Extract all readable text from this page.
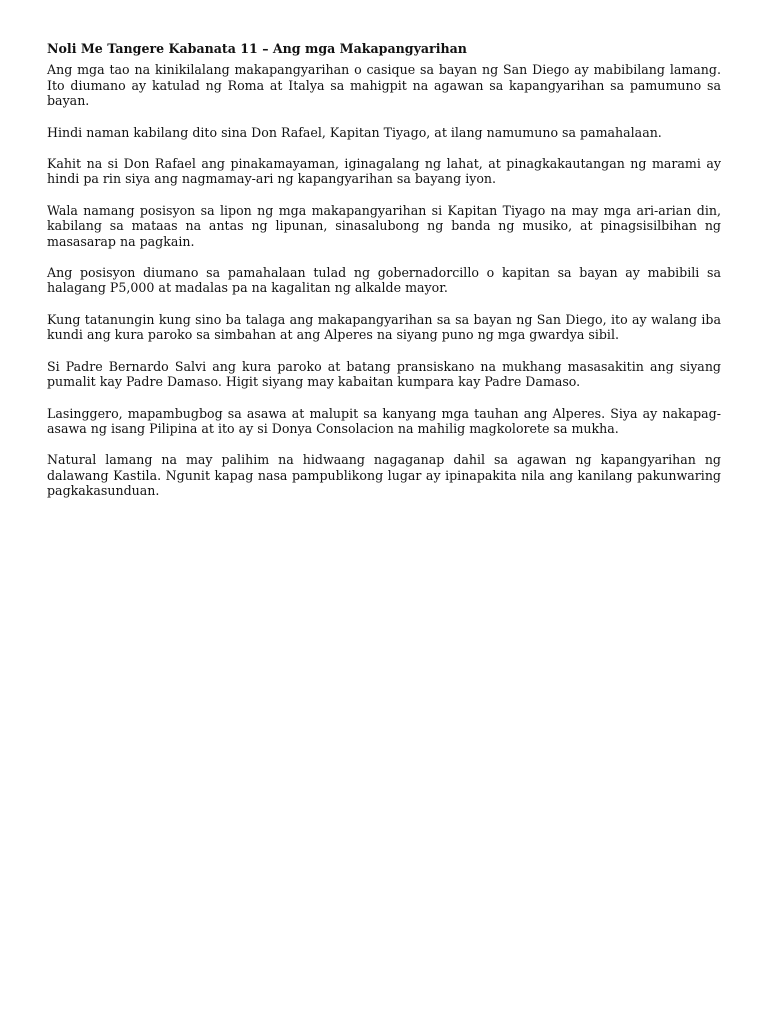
Noli Me Tangere Kabanata 11 – Ang mga Makapangyarihan

Ang mga tao na kinikilalang makapangyarihan o casique sa bayan ng San Diego ay mabibilang lamang. Ito diumano ay katulad ng Roma at Italya sa mahigpit na agawan sa kapangyarihan sa pamumuno sa bayan.

Hindi naman kabilang dito sina Don Rafael, Kapitan Tiyago, at ilang namumuno sa pamahalaan.

Kahit na si Don Rafael ang pinakamayaman, iginagalang ng lahat, at pinagkakautangan ng marami ay hindi pa rin siya ang nagmamay-ari ng kapangyarihan sa bayang iyon.

Wala namang posisyon sa lipon ng mga makapangyarihan si Kapitan Tiyago na may mga ari-arian din, kabilang sa mataas na antas ng lipunan, sinasalubong ng banda ng musiko, at pinagsisilbihan ng masasarap na pagkain.

Ang posisyon diumano sa pamahalaan tulad ng gobernadorcillo o kapitan sa bayan ay mabibili sa halagang P5,000 at madalas pa na kagalitan ng alkalde mayor.

Kung tatanungin kung sino ba talaga ang makapangyarihan sa sa bayan ng San Diego, ito ay walang iba kundi ang kura paroko sa simbahan at ang Alperes na siyang puno ng mga gwardya sibil.

Si Padre Bernardo Salvi ang kura paroko at batang pransiskano na mukhang masasakitin ang siyang pumalit kay Padre Damaso. Higit siyang may kabaitan kumpara kay Padre Damaso.

Lasinggero, mapambugbog sa asawa at malupit sa kanyang mga tauhan ang Alperes. Siya ay nakapag-asawa ng isang Pilipina at ito ay si Donya Consolacion na mahilig magkolorete sa mukha.

Natural lamang na may palihim na hidwaang nagaganap dahil sa agawan ng kapangyarihan ng dalawang Kastila. Ngunit kapag nasa pampublikong lugar ay ipinapakita nila ang kanilang pakunwaring pagkakasunduan.
